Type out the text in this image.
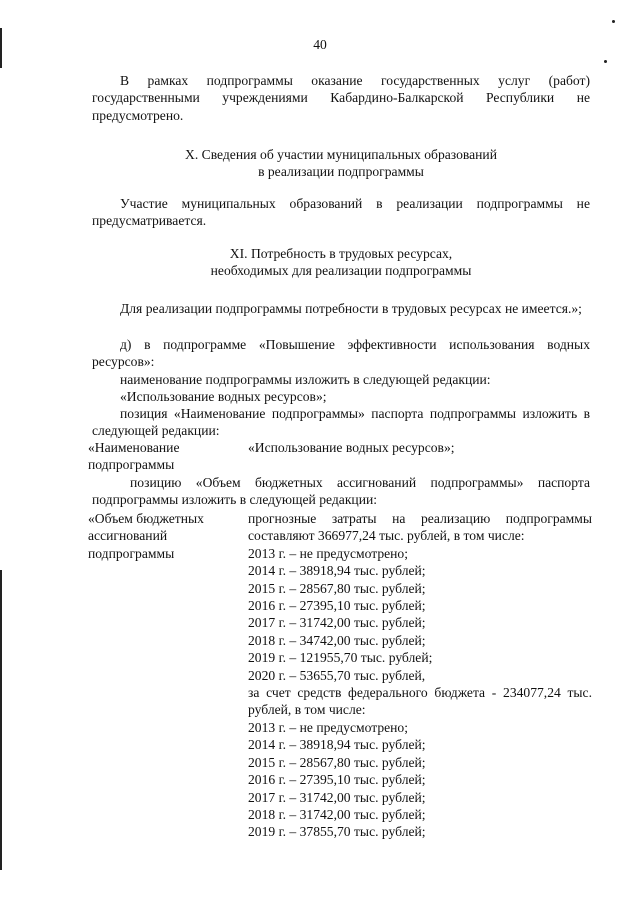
40
В рамках подпрограммы оказание государственных услуг (работ) государственными учреждениями Кабардино-Балкарской Республики не предусмотрено.
X. Сведения об участии муниципальных образований
в реализации подпрограммы
Участие муниципальных образований в реализации подпрограммы не предусматривается.
XI. Потребность в трудовых ресурсах,
необходимых для реализации подпрограммы
Для реализации подпрограммы потребности в трудовых ресурсах не имеется.»;
д) в подпрограмме «Повышение эффективности использования водных ресурсов»:
наименование подпрограммы изложить в следующей редакции:
«Использование водных ресурсов»;
позиция «Наименование подпрограммы» паспорта подпрограммы изложить в следующей редакции:
«Наименование подпрограммы
«Использование водных ресурсов»;
позицию «Объем бюджетных ассигнований подпрограммы» паспорта подпрограммы изложить в следующей редакции:
«Объем бюджетных ассигнований подпрограммы
прогнозные затраты на реализацию подпрограммы составляют 366977,24 тыс. рублей, в том числе:
2013 г. – не предусмотрено;
2014 г. – 38918,94 тыс. рублей;
2015 г. – 28567,80 тыс. рублей;
2016 г. – 27395,10 тыс. рублей;
2017 г. – 31742,00 тыс. рублей;
2018 г. – 34742,00 тыс. рублей;
2019 г. – 121955,70 тыс. рублей;
2020 г. – 53655,70 тыс. рублей,
за счет средств федерального бюджета - 234077,24 тыс. рублей, в том числе:
2013 г. – не предусмотрено;
2014 г. – 38918,94 тыс. рублей;
2015 г. – 28567,80 тыс. рублей;
2016 г. – 27395,10 тыс. рублей;
2017 г. – 31742,00 тыс. рублей;
2018 г. – 31742,00 тыс. рублей;
2019 г. – 37855,70 тыс. рублей;
